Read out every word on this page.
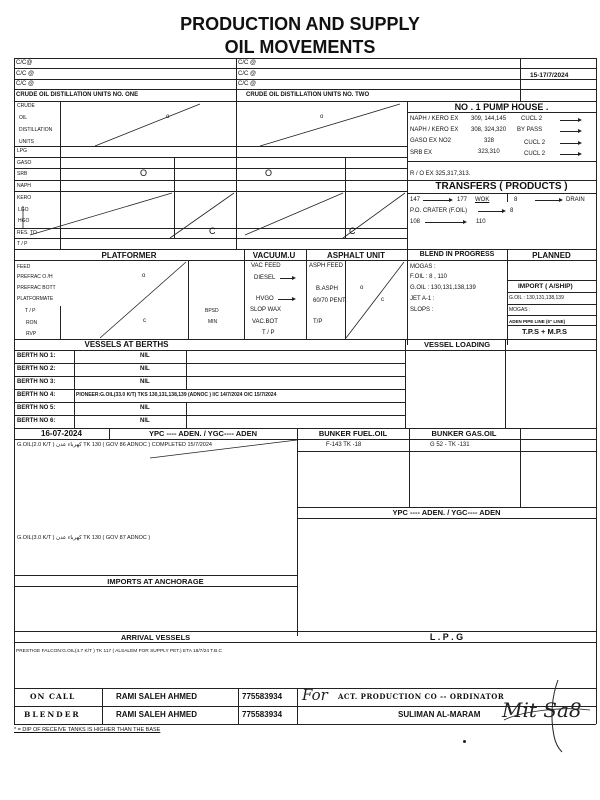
PRODUCTION AND SUPPLY
OIL MOVEMENTS
C/C@
C/C @
C/C @
C/C @
C/C @
C/C @
15-17/7/2024
CRUDE OIL DISTILLATION UNITS NO. ONE	CRUDE OIL DISTILLATION UNITS NO. TWO
CRUDE
OIL
DISTILLATION
UNITS
LPG
GASO
SRB
NAPH
KERO
LGO
HGO
RES. TO
T / P
o
O
C
o
O
C
NO . 1 PUMP HOUSE .
NAPH / KERO EX 309, 144,145 CUCL 2
NAPH / KERO EX 308, 324,320 BY PASS
GASO EX NO2	328	CUCL 2
SRB EX	323,310	CUCL 2
R / O EX 325,317,313.
TRANSFERS ( PRODUCTS )
147	177 WOK	8	DRAIN
P.O. CRATER (F.OIL)	8
108	110
PLATFORMER	VACUUM.U	ASPHALT UNIT	BLEND IN PROGRESS	PLANNED
FEED
PREFRAC O /H
PREFRAC BOTT
PLATFORMATE
T / P
RON
RVP
o
c
BPSD
MIN
VAC FEED
DIESEL
HVGO
SLOP WAX
VAC.BOT
T / P
ASPH FEED
B.ASPH
60/70 PENT.
T/P
o
c
MOGAS :
F.OIL : 8 , 110
G.OIL : 130,131,138,139
JET A-1 :
SLOPS :
IMPORT ( A/SHIP)
G.OIL : 130,131,138,139
MOGAS :
ADEN PIPE LINE (6" LINE)
T.P.S + M.P.S
VESSELS AT BERTHS	VESSEL LOADING
BERTH NO 1:	NIL
BERTH NO 2:	NIL
BERTH NO 3:	NIL
BERTH NO 4:	PIONEER:G.OIL(33.0 K/T) TKS 130,131,138,139 (ADNOC ) I/C 14/7/2024 O/C 15/7/2024
BERTH NO 5:	NIL
BERTH NO 6:	NIL
16-07-2024	YPC ---- ADEN. / YGC---- ADEN	BUNKER FUEL.OIL	BUNKER GAS.OIL
G.OIL(2.0 K/T ) كهرباء عدن TK 130 ( GOV 86 ADNOC ) COMPLETED 15/7/2024	F-143 TK -18	G 52 - TK -131
YPC ---- ADEN. / YGC---- ADEN
G.OIL(3.0 K/T ) كهرباء عدن TK 130 ( GOV 87 ADNOC )
IMPORTS AT ANCHORAGE
ARRIVAL VESSELS	L . P . G
PRESTIGE FALCON:G.OIL(4.7 K/T ) TK 117 ( ALSALEM FOR SUPPLY PET.) ETA 18/7/24 T.B.C
ON CALL	RAMI SALEH AHMED	775583934 For ACT. PRODUCTION CO -- ORDINATOR
BLENDER	RAMI SALEH AHMED	775583934	SULIMAN AL-MARAM Mit Sa8
* = DIP OF RECEIVE TANKS IS HIGHER THAN THE BASE
